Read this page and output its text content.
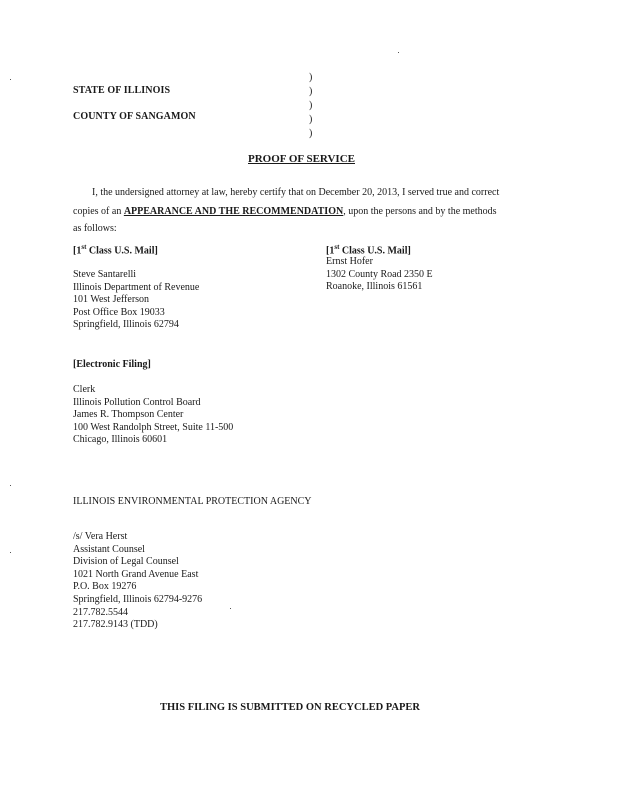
STATE OF ILLINOIS
COUNTY OF SANGAMON
)
)
)
)
)
PROOF OF SERVICE
I, the undersigned attorney at law, hereby certify that on December 20, 2013, I served true and correct
copies of an APPEARANCE AND THE RECOMMENDATION, upon the persons and by the methods
as follows:
[1st Class U.S. Mail]
Steve Santarelli
Illinois Department of Revenue
101 West Jefferson
Post Office Box 19033
Springfield, Illinois 62794
[1st Class U.S. Mail]
Ernst Hofer
1302 County Road 2350 E
Roanoke, Illinois 61561
[Electronic Filing]
Clerk
Illinois Pollution Control Board
James R. Thompson Center
100 West Randolph Street, Suite 11-500
Chicago, Illinois 60601
ILLINOIS ENVIRONMENTAL PROTECTION AGENCY
/s/ Vera Herst
Assistant Counsel
Division of Legal Counsel
1021 North Grand Avenue East
P.O. Box 19276
Springfield, Illinois 62794-9276
217.782.5544
217.782.9143 (TDD)
THIS FILING IS SUBMITTED ON RECYCLED PAPER
